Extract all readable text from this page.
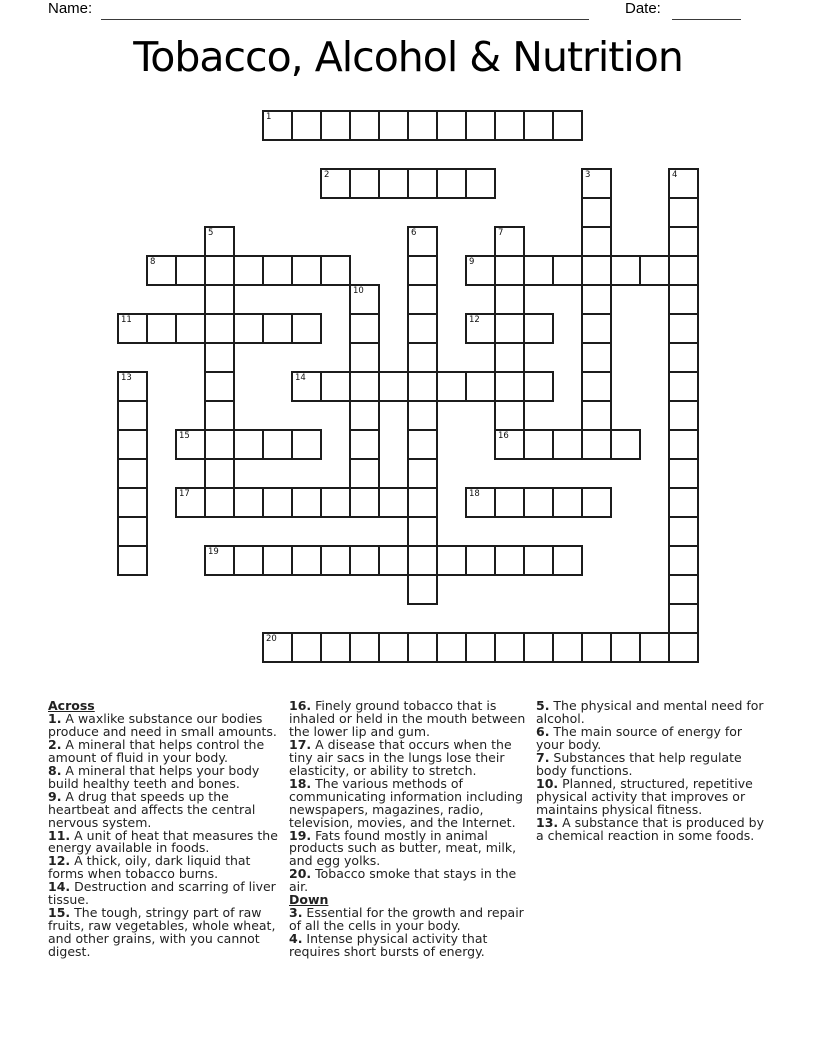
Name:	Date:
Tobacco, Alcohol & Nutrition
1
2	3	4
5	6	7
16
8	9
10
11	12
13	14
15
17	18
19
20
Across
1. A waxlike substance our bodies produce and need in small amounts.
2. A mineral that helps control the amount of fluid in your body.
8. A mineral that helps your body build healthy teeth and bones.
9. A drug that speeds up the heartbeat and affects the central nervous system.
11. A unit of heat that measures the energy available in foods.
12. A thick, oily, dark liquid that forms when tobacco burns.
14. Destruction and scarring of liver tissue.
15. The tough, stringy part of raw fruits, raw vegetables, whole wheat, and other grains, with you cannot digest.
16. Finely ground tobacco that is inhaled or held in the mouth between the lower lip and gum.
17. A disease that occurs when the tiny air sacs in the lungs lose their elasticity, or ability to stretch.
18. The various methods of communicating information including newspapers, magazines, radio, television, movies, and the Internet.
19. Fats found mostly in animal products such as butter, meat, milk, and egg yolks.
20. Tobacco smoke that stays in the air.
Down
3. Essential for the growth and repair of all the cells in your body.
4. Intense physical activity that requires short bursts of energy.
5. The physical and mental need for alcohol.
6. The main source of energy for your body.
7. Substances that help regulate body functions.
10. Planned, structured, repetitive physical activity that improves or maintains physical fitness.
13. A substance that is produced by a chemical reaction in some foods.
